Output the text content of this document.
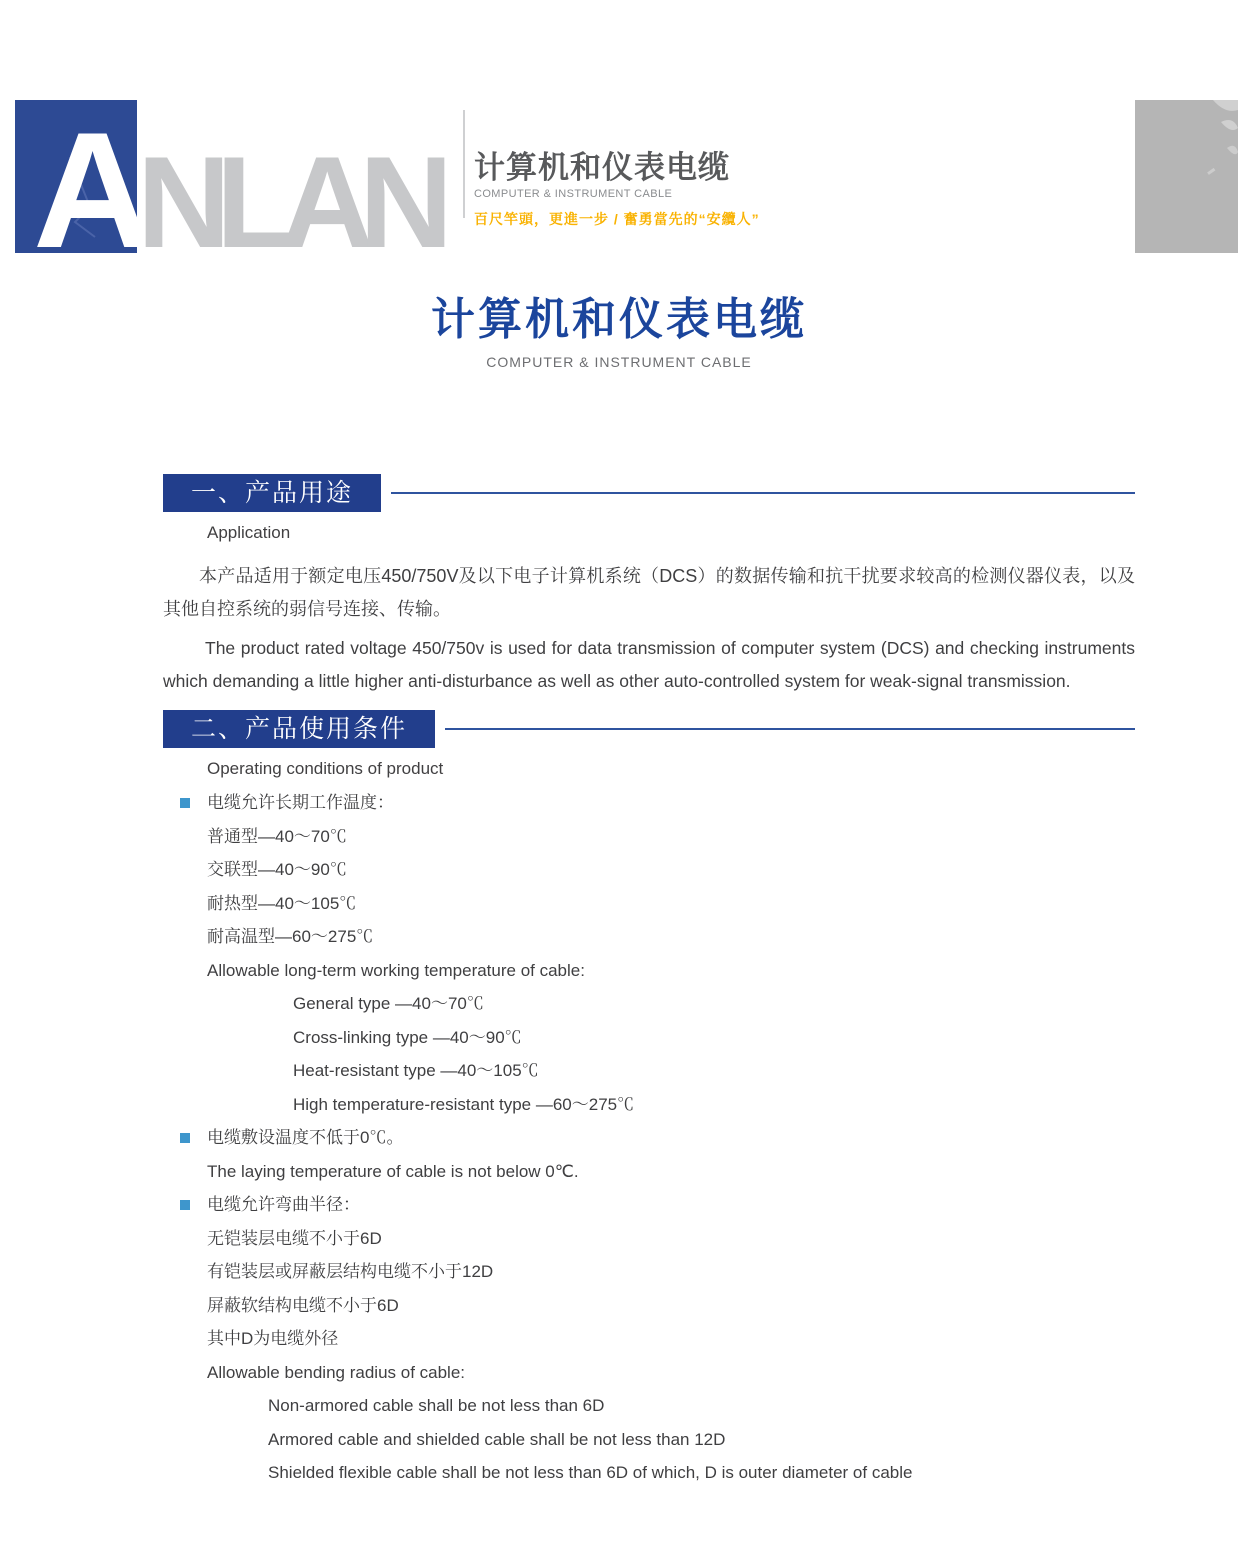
A
NLAN 计算机和仪表电缆
COMPUTER & INSTRUMENT CABLE
百尺竿頭，更進一步 / 奮勇當先的“安纜人”
计算机和仪表电缆
COMPUTER & INSTRUMENT CABLE
一、产品用途
Application
本产品适用于额定电压450/750V及以下电子计算机系统（DCS）的数据传输和抗干扰要求较高的检测仪器仪表，以及其他自控系统的弱信号连接、传输。
The product rated voltage 450/750v is used for data transmission of computer system (DCS) and checking instruments which demanding a little higher anti-disturbance as well as other auto-controlled system for weak-signal transmission.
二、产品使用条件
Operating conditions of product
电缆允许长期工作温度：
普通型—40～70℃
交联型—40～90℃
耐热型—40～105℃
耐高温型—60～275℃
Allowable long-term working temperature of cable:
General type —40～70℃
Cross-linking type —40～90℃
Heat-resistant type —40～105℃
High temperature-resistant type —60～275℃
电缆敷设温度不低于0℃。
The laying temperature of cable is not below 0℃.
电缆允许弯曲半径：
无铠装层电缆不小于6D
有铠装层或屏蔽层结构电缆不小于12D
屏蔽软结构电缆不小于6D
其中D为电缆外径
Allowable bending radius of cable:
Non-armored cable shall be not less than 6D
Armored cable and shielded cable shall be not less than 12D
Shielded flexible cable shall be not less than 6D of which, D is outer diameter of cable
